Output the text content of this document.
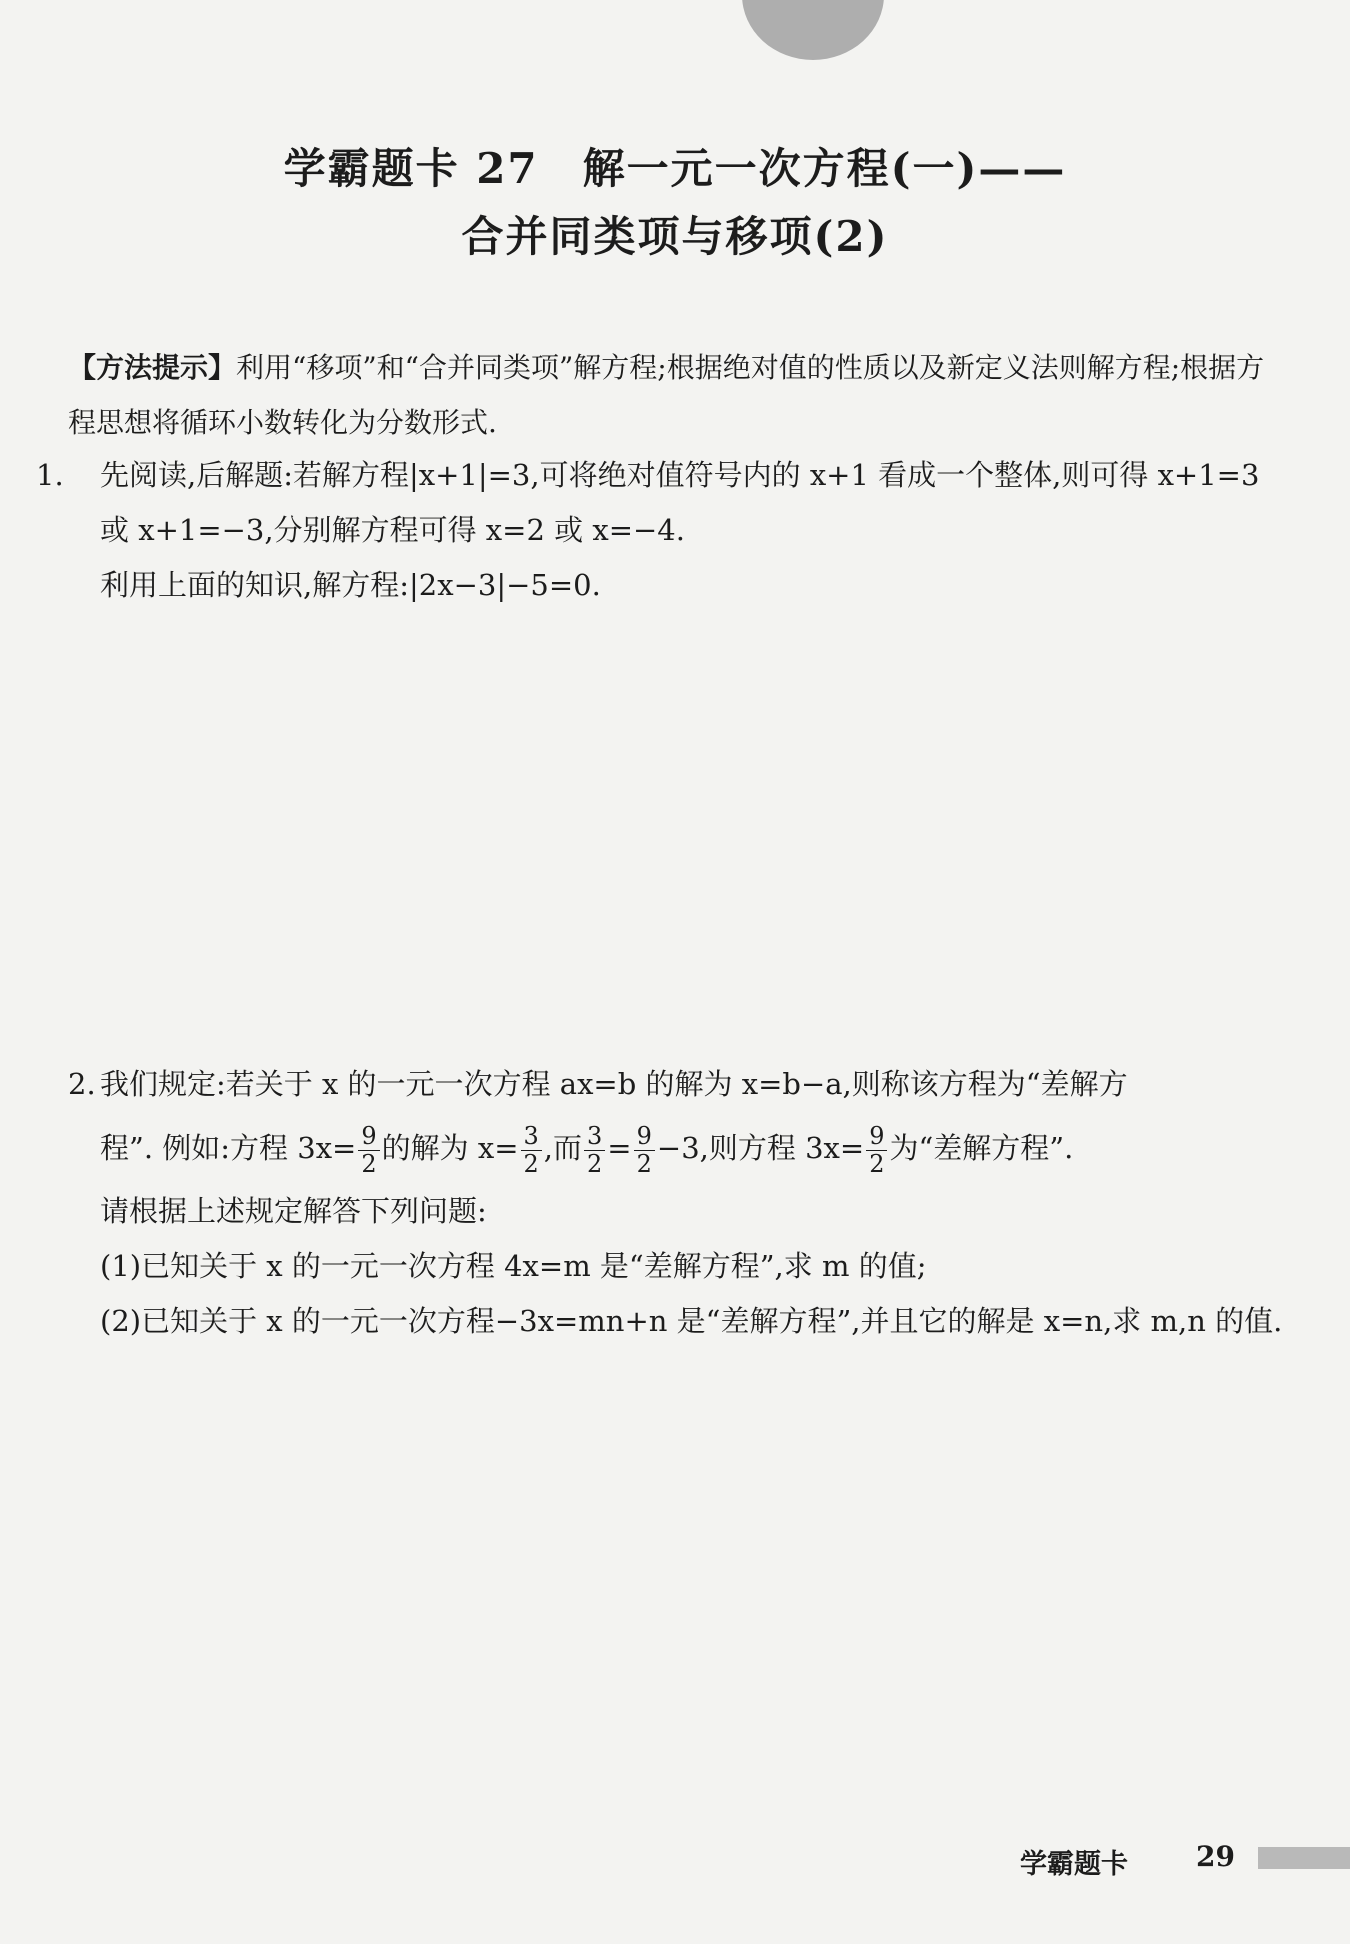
学霸题卡 27 解一元一次方程(一)——
合并同类项与移项(2)
【方法提示】利用“移项”和“合并同类项”解方程;根据绝对值的性质以及新定义法则解方程;根据方程思想将循环小数转化为分数形式.
1. 先阅读,后解题:若解方程|x+1|=3,可将绝对值符号内的 x+1 看成一个整体,则可得 x+1=3 或 x+1=−3,分别解方程可得 x=2 或 x=−4.
利用上面的知识,解方程:|2x−3|−5=0.
2. 我们规定:若关于 x 的一元一次方程 ax=b 的解为 x=b−a,则称该方程为“差解方
程”. 例如:方程 $3x= \frac{9}{2}$ 的解为 $x= \frac{3}{2}$ ,而 $\frac{3}{2} = \frac{9}{2} -3$,则方程 $3x= \frac{9}{2}$ 为“差解方程”.
请根据上述规定解答下列问题:
(1)已知关于 x 的一元一次方程 4x=m 是“差解方程”,求 m 的值;
(2)已知关于 x 的一元一次方程−3x=mn+n 是“差解方程”,并且它的解是 x=n,求 m,n 的值.
学霸题卡 29
